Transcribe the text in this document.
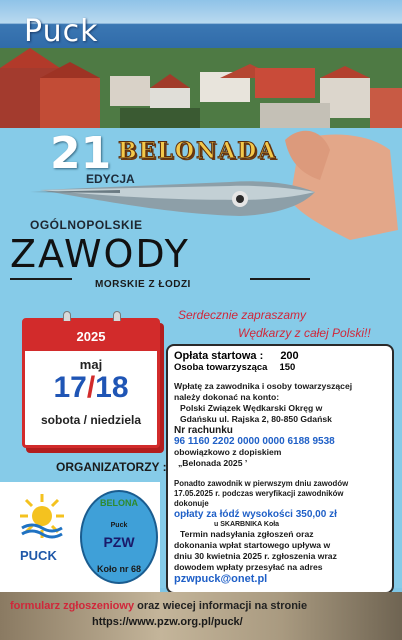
Puck
21 BELONADA
EDYCJA
OGÓLNOPOLSKIE
ZAWODY
MORSKIE Z ŁODZI
Serdecznie zapraszamy
Wędkarzy z całej Polski!!
2025
maj
17/18
sobota / niedziela
Opłata startowa : 200
Osoba towarzysząca 150
Wpłatę za zawodnika i osoby towarzyszącej
należy dokonać na konto:
Polski Związek Wędkarski Okręg w
Gdańsku ul. Rajska 2, 80-850 Gdańsk
Nr rachunku
96 1160 2202 0000 0000 6188 9538
obowiązkowo z dopiskiem
„Belonada 2025 ’
Ponadto zawodnik w pierwszym dniu zawodów
17.05.2025 r. podczas weryfikacji zawodników
dokonuje
opłaty za łódź wysokości 350,00 zł
u SKARBNIKA Koła
Termin nadsyłania zgłoszeń oraz
dokonania wpłat startowego upływa w
dniu 30 kwietnia 2025 r. zgłoszenia wraz
dowodem wpłaty przesyłać na adres
pzwpuck@onet.pl
ORGANIZATORZY :
PUCK
BELONA
Puck
PZW
Koło nr 68
formularz zgłoszeniowy oraz wiecej informacji na stronie
https://www.pzw.org.pl/puck/
